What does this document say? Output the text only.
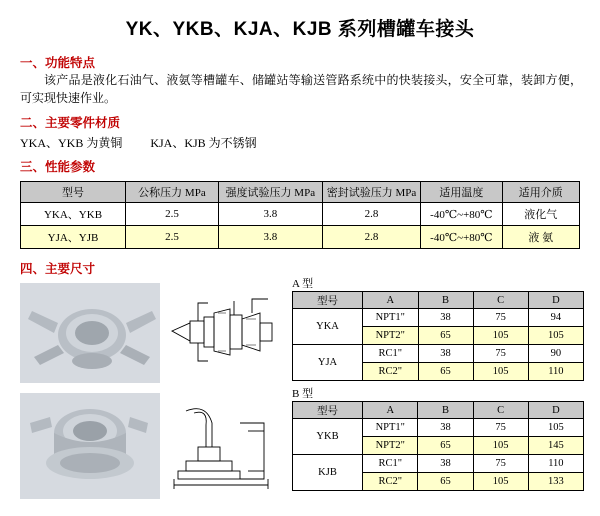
YK、YKB、KJA、KJB 系列槽罐车接头
一、功能特点
该产品是液化石油气、液氨等槽罐车、储罐站等输送管路系统中的快装接头，安全可靠，装卸方便，可实现快速作业。
二、主要零件材质
YKA、YKB 为黄铜 KJA、KJB 为不锈钢
三、性能参数
型号	公称压力 MPa	强度试验压力 MPa	密封试验压力 MPa	适用温度	适用介质
YKA、YKB	2.5	3.8	2.8	-40℃~+80℃	液化气
YJA、YJB	2.5	3.8	2.8	-40℃~+80℃	液 氨
四、主要尺寸
A 型
型号	A	B	C	D
YKA	NPT1"	38	75	94
	NPT2"	65	105	105
YJA	RC1"	38	75	90
	RC2"	65	105	110
B 型
型号	A	B	C	D
YKB	NPT1"	38	75	105
	NPT2"	65	105	145
KJB	RC1"	38	75	110
	RC2"	65	105	133
